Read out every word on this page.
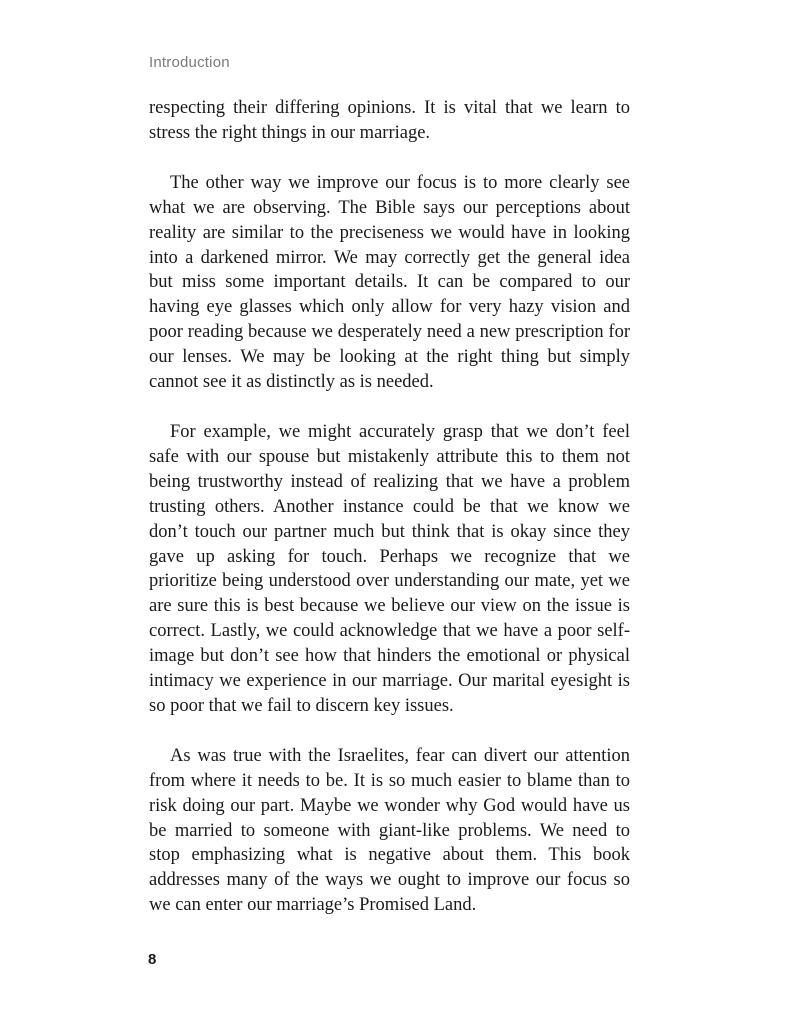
Introduction

respecting their differing opinions. It is vital that we learn to stress the right things in our marriage.

The other way we improve our focus is to more clearly see what we are observing. The Bible says our perceptions about reality are similar to the preciseness we would have in looking into a darkened mirror. We may correctly get the general idea but miss some important details. It can be compared to our having eye glasses which only allow for very hazy vision and poor reading because we desperately need a new prescription for our lenses. We may be looking at the right thing but simply cannot see it as distinctly as is needed.

For example, we might accurately grasp that we don’t feel safe with our spouse but mistakenly attribute this to them not being trustworthy instead of realizing that we have a problem trusting others. Another instance could be that we know we don’t touch our partner much but think that is okay since they gave up asking for touch. Perhaps we recognize that we prioritize being understood over understanding our mate, yet we are sure this is best because we believe our view on the issue is correct. Lastly, we could acknowledge that we have a poor self-image but don’t see how that hinders the emotional or physical intimacy we experience in our marriage. Our marital eyesight is so poor that we fail to discern key issues.

As was true with the Israelites, fear can divert our attention from where it needs to be. It is so much easier to blame than to risk doing our part. Maybe we wonder why God would have us be married to someone with giant-like problems. We need to stop emphasizing what is negative about them. This book addresses many of the ways we ought to improve our focus so we can enter our marriage’s Promised Land.

8
